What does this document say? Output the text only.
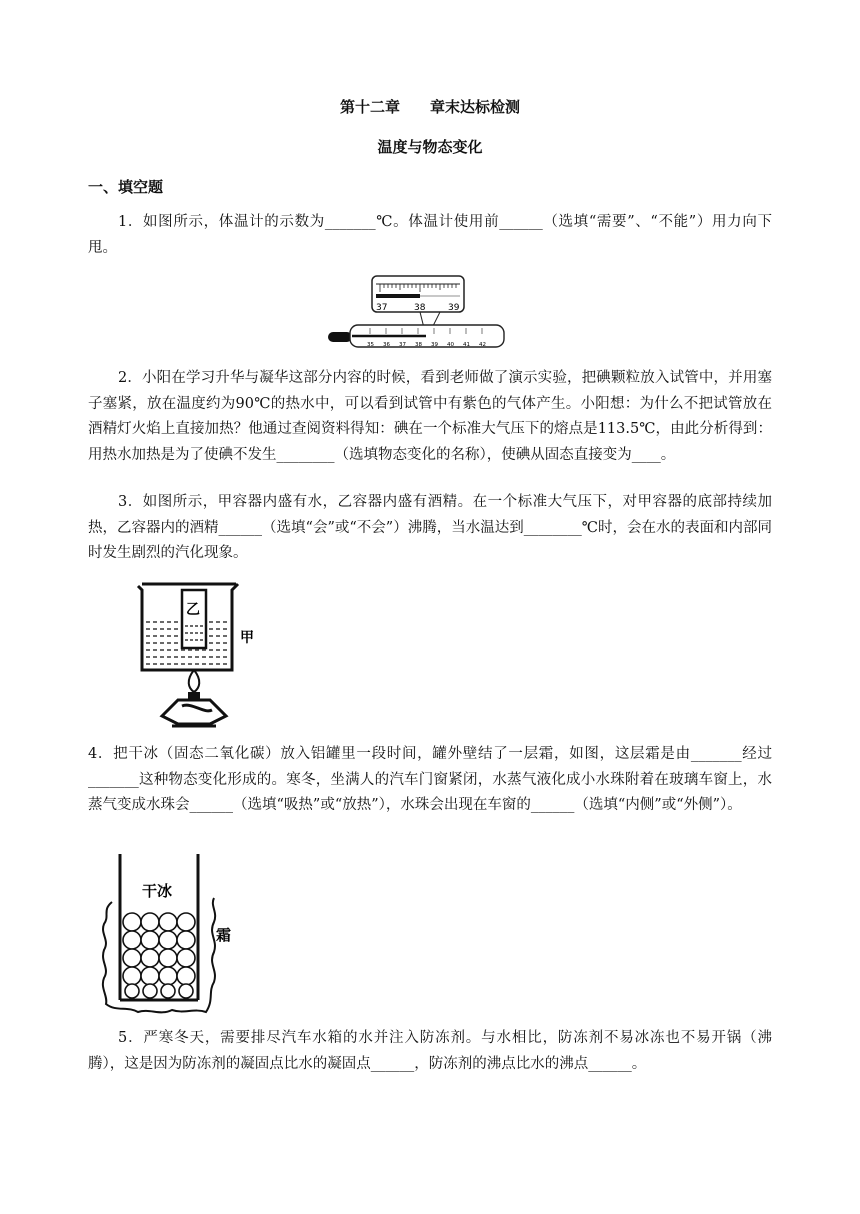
第十二章　　章末达标检测
温度与物态变化
一、填空题
1．如图所示，体温计的示数为_______℃。体温计使用前______（选填“需要”、“不能”）用力向下甩。
37	38	39
35 36 37 38 39 40 41 42
2．小阳在学习升华与凝华这部分内容的时候，看到老师做了演示实验，把碘颗粒放入试管中，并用塞子塞紧，放在温度约为90℃的热水中，可以看到试管中有紫色的气体产生。小阳想：为什么不把试管放在酒精灯火焰上直接加热？他通过查阅资料得知：碘在一个标准大气压下的熔点是113.5℃，由此分析得到：用热水加热是为了使碘不发生________（选填物态变化的名称），使碘从固态直接变为____。
3．如图所示，甲容器内盛有水，乙容器内盛有酒精。在一个标准大气压下，对甲容器的底部持续加热，乙容器内的酒精______（选填“会”或“不会”）沸腾，当水温达到________℃时，会在水的表面和内部同时发生剧烈的汽化现象。
乙
甲
4．把干冰（固态二氧化碳）放入铝罐里一段时间，罐外壁结了一层霜，如图，这层霜是由_______经过_______这种物态变化形成的。寒冬，坐满人的汽车门窗紧闭，水蒸气液化成小水珠附着在玻璃车窗上，水蒸气变成水珠会______（选填“吸热”或“放热”），水珠会出现在车窗的______（选填“内侧”或“外侧”）。
干冰
霜
5．严寒冬天，需要排尽汽车水箱的水并注入防冻剂。与水相比，防冻剂不易冰冻也不易开锅（沸腾），这是因为防冻剂的凝固点比水的凝固点______，防冻剂的沸点比水的沸点______。
